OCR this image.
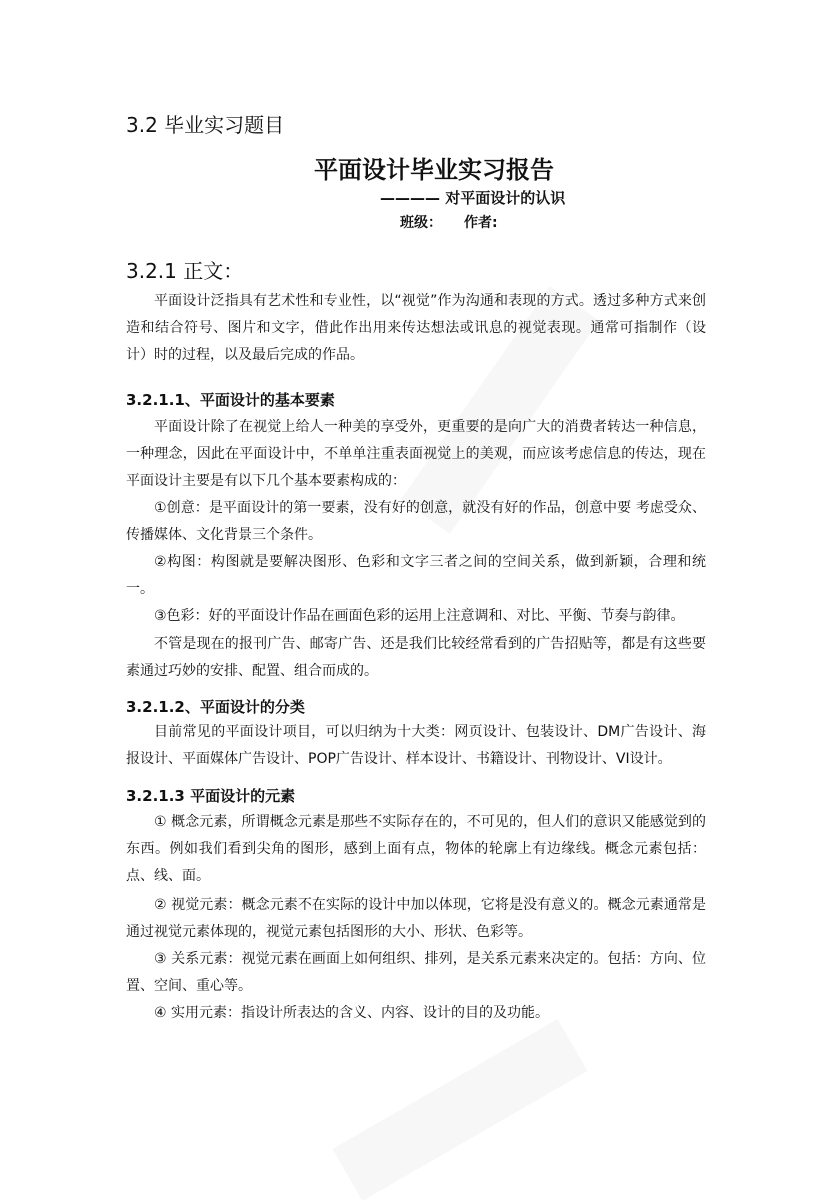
3.2 毕业实习题目
平面设计毕业实习报告
———— 对平面设计的认识
班级： 作者:
3.2.1 正文：

平面设计泛指具有艺术性和专业性，以“视觉”作为沟通和表现的方式。透过多种方式来创造和结合符号、图片和文字，借此作出用来传达想法或讯息的视觉表现。通常可指制作（设计）时的过程，以及最后完成的作品。

3.2.1.1、平面设计的基本要素

平面设计除了在视觉上给人一种美的享受外，更重要的是向广大的消费者转达一种信息，一种理念，因此在平面设计中，不单单注重表面视觉上的美观，而应该考虑信息的传达，现在平面设计主要是有以下几个基本要素构成的：

①创意：是平面设计的第一要素，没有好的创意，就没有好的作品，创意中要 考虑受众、传播媒体、文化背景三个条件。

②构图：构图就是要解决图形、色彩和文字三者之间的空间关系，做到新颖，合理和统一。

③色彩：好的平面设计作品在画面色彩的运用上注意调和、对比、平衡、节奏与韵律。

不管是现在的报刊广告、邮寄广告、还是我们比较经常看到的广告招贴等，都是有这些要素通过巧妙的安排、配置、组合而成的。

3.2.1.2、平面设计的分类

目前常见的平面设计项目，可以归纳为十大类：网页设计、包装设计、DM广告设计、海报设计、平面媒体广告设计、POP广告设计、样本设计、书籍设计、刊物设计、VI设计。

3.2.1.3 平面设计的元素

① 概念元素，所谓概念元素是那些不实际存在的，不可见的，但人们的意识又能感觉到的东西。例如我们看到尖角的图形，感到上面有点，物体的轮廓上有边缘线。概念元素包括：点、线、面。

② 视觉元素：概念元素不在实际的设计中加以体现，它将是没有意义的。概念元素通常是通过视觉元素体现的，视觉元素包括图形的大小、形状、色彩等。

③ 关系元素：视觉元素在画面上如何组织、排列，是关系元素来决定的。包括：方向、位置、空间、重心等。

④ 实用元素：指设计所表达的含义、内容、设计的目的及功能。
